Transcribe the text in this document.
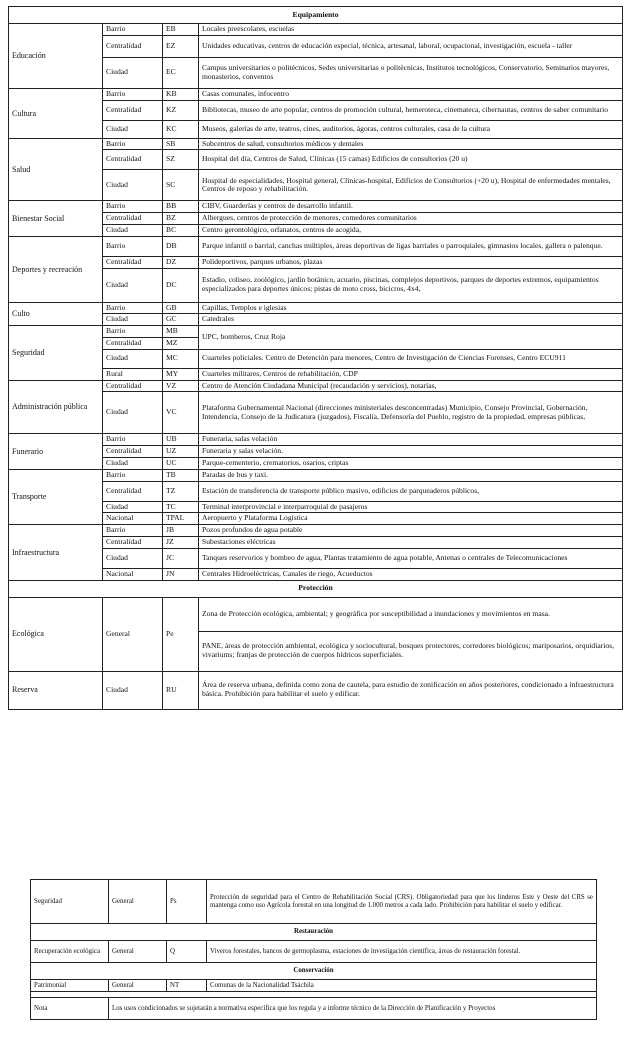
Equipamiento			
Educación	Barrio	EB	Locales preescolares, escuelas
	Centralidad	EZ	Unidades educativas, centros de educación especial, técnica, artesanal, laboral, ocupacional, investigación, escuela - taller
	Ciudad	EC	Campus universitarios o politécnicos, Sedes universitarias o politécnicas, Institutos tecnológicos, Conservatorio, Seminarios mayores, monasterios, conventos
Cultura	Barrio	KB	Casas comunales, infocentro
	Centralidad	KZ	Bibliotecas, museo de arte popular, centros de promoción cultural, hemeroteca, cinemateca, cibernautas, centros de saber comunitario
	Ciudad	KC	Museos, galerías de arte, teatros, cines, auditorios, ágoras, centros culturales, casa de la cultura
Salud	Barrio	SB	Subcentros de salud, consultorios médicos y dentales
	Centralidad	SZ	Hospital del día, Centros de Salud, Clínicas (15 camas) Edificios de consultorios (20 u)
	Ciudad	SC	Hospital de especialidades, Hospital general, Clínicas-hospital, Edificios de Consultorios (+20 u), Hospital de enfermedades mentales, Centros de reposo y rehabilitación.
Bienestar Social	Barrio	BB	CIBV, Guarderías y centros de desarrollo infantil.
	Centralidad	BZ	Albergues, centros de protección de menores, comedores comunitarios
	Ciudad	BC	Centro gerontológico, orfanatos, centros de acogida,
Deportes y recreación	Barrio	DB	Parque infantil o barrial, canchas múltiples, áreas deportivas de ligas barriales o parroquiales, gimnasios locales, gallera o palenque.
	Centralidad	DZ	Polideportivos, parques urbanos, plazas
	Ciudad	DC	Estadio, coliseo, zoológico, jardín botánico, acuario, piscinas, complejos deportivos, parques de deportes extremos, equipamientos especializados para deportes únicos; pistas de moto cross, bicicros, 4x4,
Culto	Barrio	GB	Capillas, Templos e iglesias
	Ciudad	GC	Catedrales
Seguridad	Barrio	MB	UPC, bomberos, Cruz Roja
	Centralidad	MZ	
	Ciudad	MC	Cuarteles policiales. Centro de Detención para menores, Centro de Investigación de Ciencias Forenses, Centro ECU911
	Rural	MY	Cuarteles militares, Centros de rehabilitación, CDP
Administración pública	Centralidad	VZ	Centro de Atención Ciudadana Municipal (recaudación y servicios), notarías,
	Ciudad	VC	Plataforma Gubernamental Nacional (direcciones ministeriales desconcentradas) Municipio, Consejo Provincial, Gobernación, Intendencia, Consejo de la Judicatura (juzgados), Fiscalía, Defensoría del Pueblo, registro de la propiedad, empresas públicas,
Funerario	Barrio	UB	Funeraria, salas velación
	Centralidad	UZ	Funeraria y salas velación.
	Ciudad	UC	Parque-cementerio, crematorios, osarios, criptas
Transporte	Barrio	TB	Paradas de bus y taxi.
	Centralidad	TZ	Estación de transferencia de transporte público masivo, edificios de parqueaderos públicos,
	Ciudad	TC	Terminal interprovincial e interparroquial de pasajeros
	Nacional	TPAL	Aeropuerto y Plataforma Logística
Infraestructura	Barrio	JB	Pozos profundos de agua potable
	Centralidad	JZ	Subestaciones eléctricas
	Ciudad	JC	Tanques reservorios y bombeo de agua, Plantas tratamiento de agua potable, Antenas o centrales de Telecomunicaciones
	Nacional	JN	Centrales Hidroeléctricas, Canales de riego, Acueductos
Protección			
Ecológica	General	Pe	Zona de Protección ecológica, ambiental; y geográfica por susceptibilidad a inundaciones y movimientos en masa.
			PANE, áreas de protección ambiental, ecológica y sociocultural, bosques protectores, corredores biológicos; mariposarios, orquidiarios, vivariums; franjas de protección de cuerpos hídricos superficiales.
Reserva	Ciudad	RU	Área de reserva urbana, definida como zona de cautela, para estudio de zonificación en años posteriores, condicionado a infraestructura básica. Prohibición para habilitar el suelo y edificar.
Seguridad	General	Ps	Protección de seguridad para el Centro de Rehabilitación Social (CRS). Obligatoriedad para que los linderos Este y Oeste del CRS se mantenga como uso Agrícola forestal en una longitud de 1.000 metros a cada lado. Prohibición para habilitar el suelo y edificar.
Restauración			
Recuperación ecológica	General	Q	Viveros forestales, bancos de germoplasma, estaciones de investigación científica, áreas de restauración forestal.
Conservación			
Patrimonial	General	NT	Comunas de la Nacionalidad Tsáchila

Nota	Los usos condicionados se sujetarán a normativa específica que los regula y a informe técnico de la Dirección de Planificación y Proyectos		
